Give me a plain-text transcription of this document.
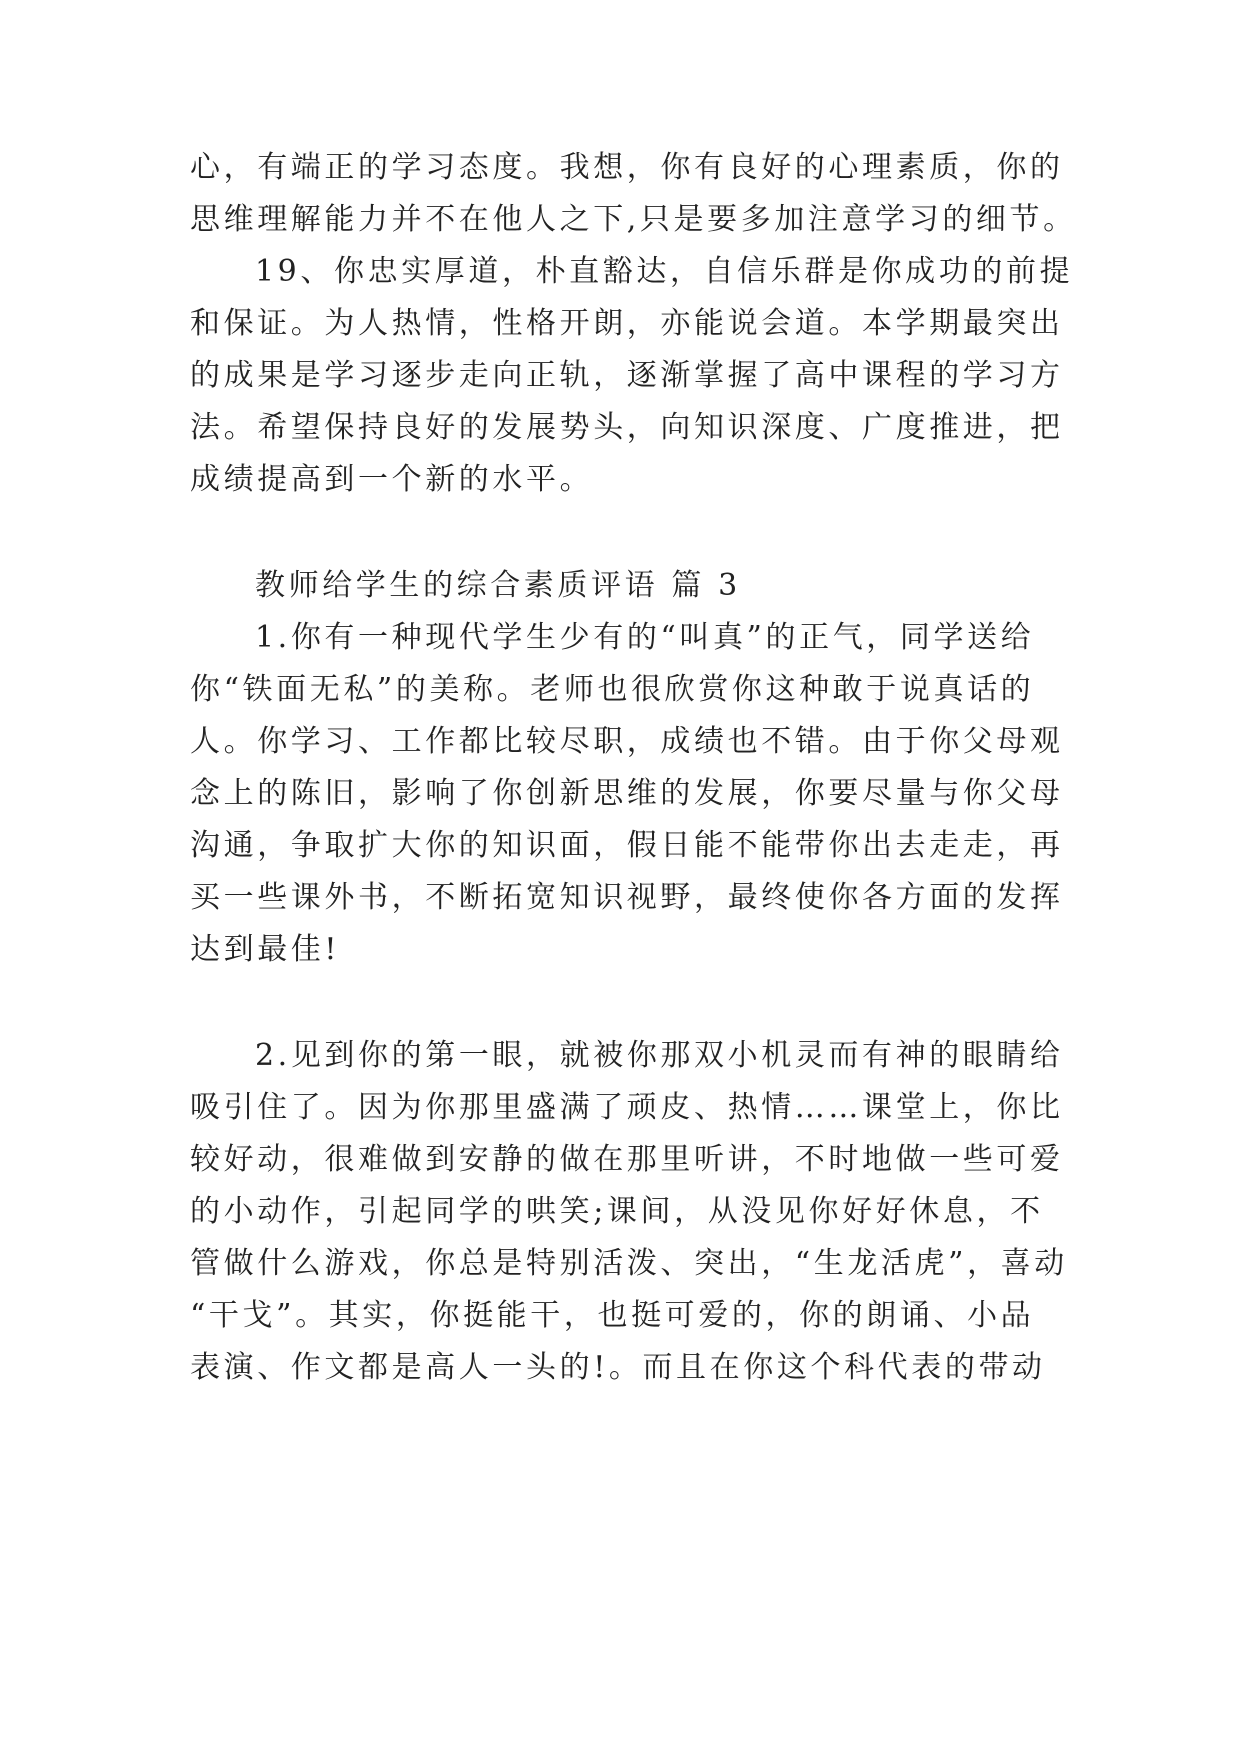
心，有端正的学习态度。我想，你有良好的心理素质，你的

思维理解能力并不在他人之下,只是要多加注意学习的细节。

19、你忠实厚道，朴直豁达，自信乐群是你成功的前提

和保证。为人热情，性格开朗，亦能说会道。本学期最突出

的成果是学习逐步走向正轨，逐渐掌握了高中课程的学习方

法。希望保持良好的发展势头，向知识深度、广度推进，把

成绩提高到一个新的水平。

教师给学生的综合素质评语 篇 3

1.你有一种现代学生少有的“叫真”的正气，同学送给

你“铁面无私”的美称。老师也很欣赏你这种敢于说真话的

人。你学习、工作都比较尽职，成绩也不错。由于你父母观

念上的陈旧，影响了你创新思维的发展，你要尽量与你父母

沟通，争取扩大你的知识面，假日能不能带你出去走走，再

买一些课外书，不断拓宽知识视野，最终使你各方面的发挥

达到最佳!

2.见到你的第一眼，就被你那双小机灵而有神的眼睛给

吸引住了。因为你那里盛满了顽皮、热情……课堂上，你比

较好动，很难做到安静的做在那里听讲，不时地做一些可爱

的小动作，引起同学的哄笑;课间，从没见你好好休息，不

管做什么游戏，你总是特别活泼、突出，“生龙活虎”，喜动

“干戈”。其实，你挺能干，也挺可爱的，你的朗诵、小品

表演、作文都是高人一头的!。而且在你这个科代表的带动
